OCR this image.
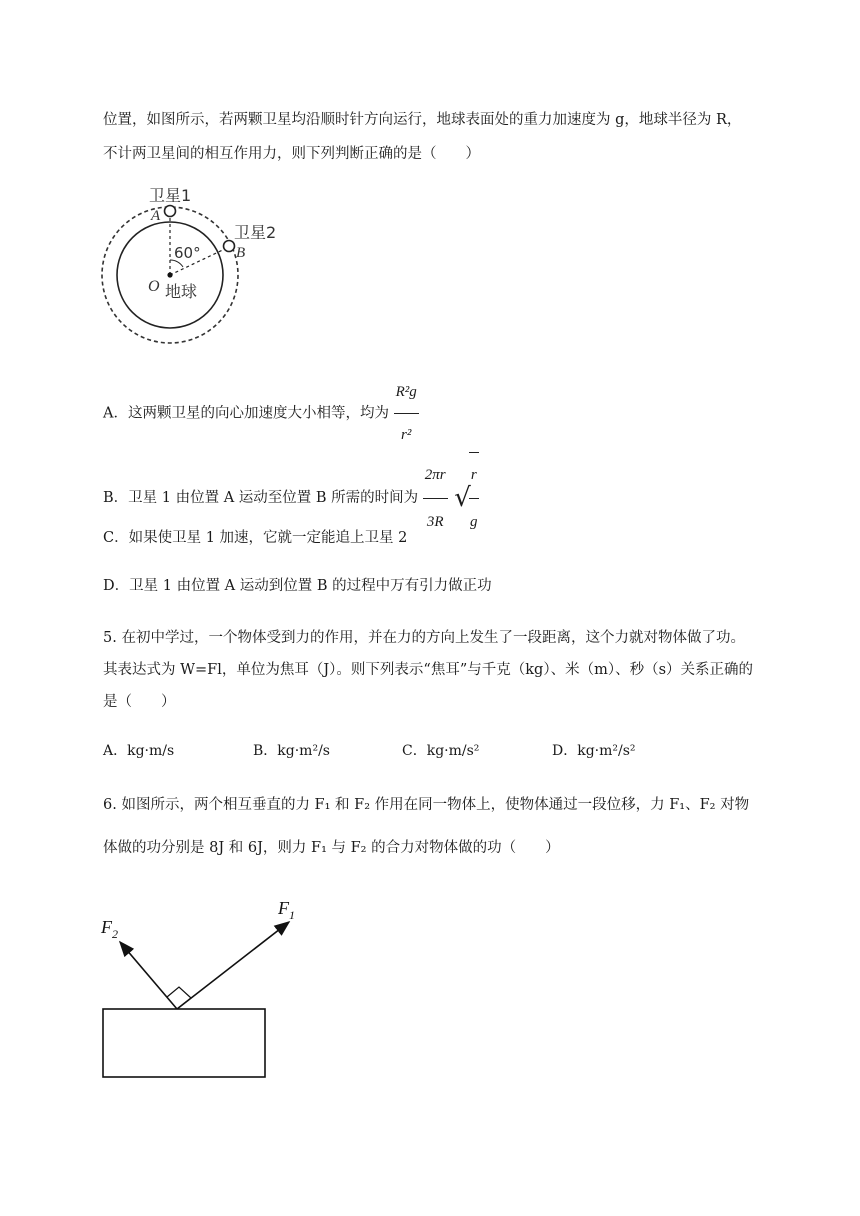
位置，如图所示，若两颗卫星均沿顺时针方向运行，地球表面处的重力加速度为 g，地球半径为 R，
不计两卫星间的相互作用力，则下列判断正确的是（　　）
卫星1
A
卫星2
B
60°
O 地球
A．这两颗卫星的向心加速度大小相等，均为 $\frac{\text{R²g}}{\text{r²}}$
B．卫星 1 由位置 A 运动至位置 B 所需的时间为 $\frac{2\pi r}{3R}$ √
$\frac{r}{g}$
C．如果使卫星 1 加速，它就一定能追上卫星 2
D．卫星 1 由位置 A 运动到位置 B 的过程中万有引力做正功
5. 在初中学过，一个物体受到力的作用，并在力的方向上发生了一段距离，这个力就对物体做了功。
其表达式为 W=Fl，单位为焦耳（J）。则下列表示“焦耳”与千克（kg）、米（m）、秒（s）关系正确的
是（　　）
A．kg·m/s	B．kg·m²/s	C．kg·m/s²	D．kg·m²/s²
6. 如图所示，两个相互垂直的力 F₁ 和 F₂ 作用在同一物体上，使物体通过一段位移，力 F₁、F₂ 对物
体做的功分别是 8J 和 6J，则力 F₁ 与 F₂ 的合力对物体做的功（　　）
$F_1$
$F_2$
